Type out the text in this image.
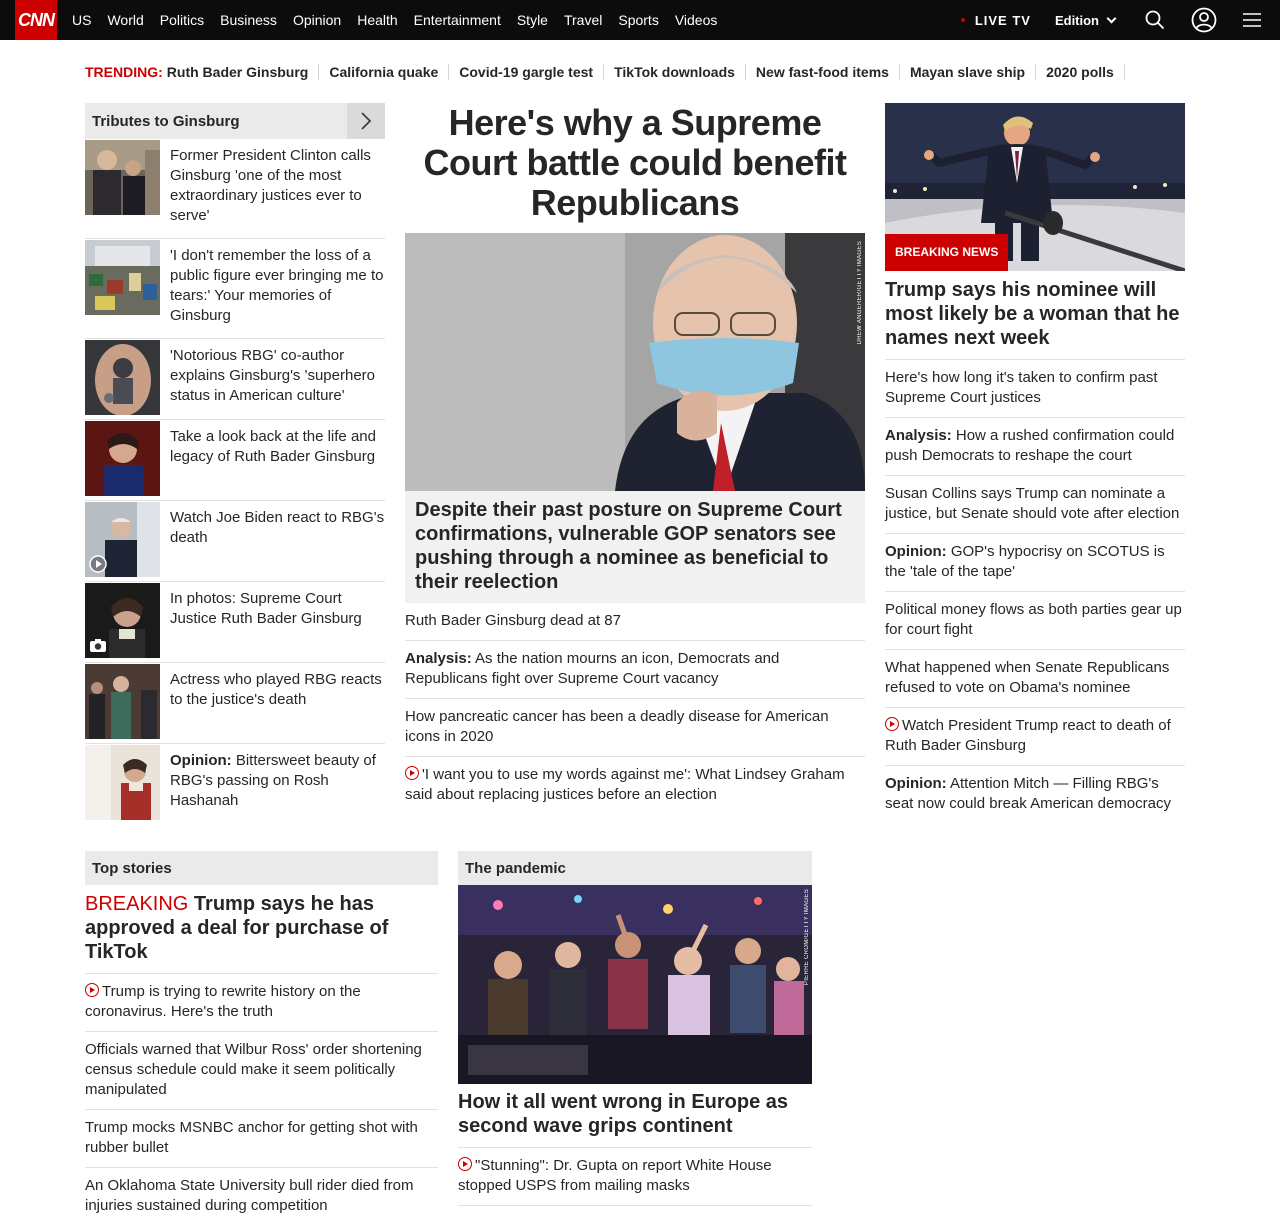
CNN US World Politics Business Opinion Health Entertainment Style Travel Sports Videos	LIVE TV Edition
TRENDING: Ruth Bader Ginsburg	California quake	Covid-19 gargle test	TikTok downloads	New fast-food items	Mayan slave ship	2020 polls
Tributes to Ginsburg
Former President Clinton calls Ginsburg 'one of the most extraordinary justices ever to serve'
'I don't remember the loss of a public figure ever bringing me to tears:' Your memories of Ginsburg
'Notorious RBG' co-author explains Ginsburg's 'superhero status in American culture'
Take a look back at the life and legacy of Ruth Bader Ginsburg
Watch Joe Biden react to RBG's death
In photos: Supreme Court Justice Ruth Bader Ginsburg
Actress who played RBG reacts to the justice's death
Opinion: Bittersweet beauty of RBG's passing on Rosh Hashanah
Here's why a Supreme Court battle could benefit Republicans
DREW ANGERER/GETTY IMAGES
Despite their past posture on Supreme Court confirmations, vulnerable GOP senators see pushing through a nominee as beneficial to their reelection
Ruth Bader Ginsburg dead at 87
Analysis: As the nation mourns an icon, Democrats and Republicans fight over Supreme Court vacancy
How pancreatic cancer has been a deadly disease for American icons in 2020
'I want you to use my words against me': What Lindsey Graham said about replacing justices before an election
BREAKING NEWS
Trump says his nominee will most likely be a woman that he names next week
Here's how long it's taken to confirm past Supreme Court justices
Analysis: How a rushed confirmation could push Democrats to reshape the court
Susan Collins says Trump can nominate a justice, but Senate should vote after election
Opinion: GOP's hypocrisy on SCOTUS is the 'tale of the tape'
Political money flows as both parties gear up for court fight
What happened when Senate Republicans refused to vote on Obama's nominee
Watch President Trump react to death of Ruth Bader Ginsburg
Opinion: Attention Mitch — Filling RBG's seat now could break American democracy
Top stories
BREAKING Trump says he has approved a deal for purchase of TikTok
Trump is trying to rewrite history on the coronavirus. Here's the truth
Officials warned that Wilbur Ross' order shortening census schedule could make it seem politically manipulated
Trump mocks MSNBC anchor for getting shot with rubber bullet
An Oklahoma State University bull rider died from injuries sustained during competition
The pandemic
PIERRE CROM/GETTY IMAGES
How it all went wrong in Europe as second wave grips continent
"Stunning": Dr. Gupta on report White House stopped USPS from mailing masks
